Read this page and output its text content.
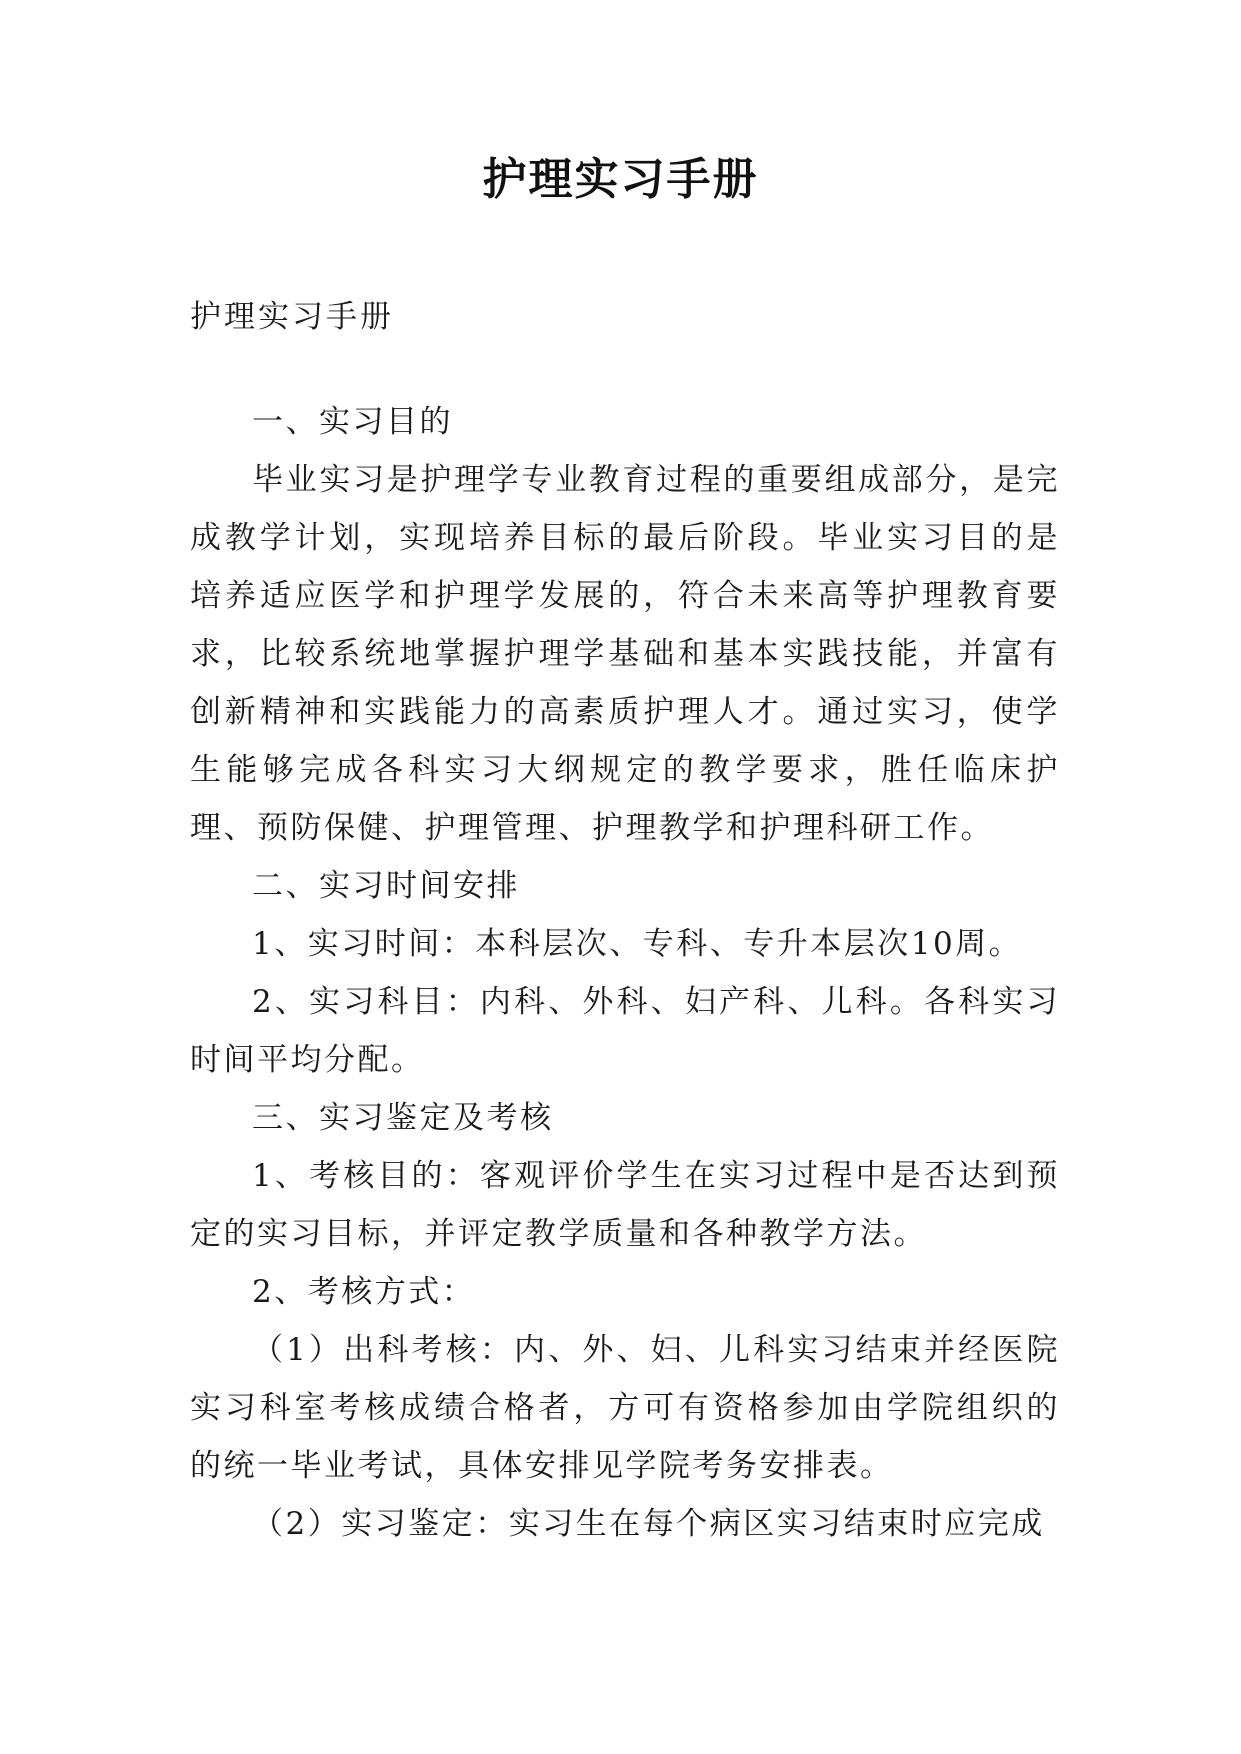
护理实习手册

护理实习手册

一、实习目的

毕业实习是护理学专业教育过程的重要组成部分，是完成教学计划，实现培养目标的最后阶段。毕业实习目的是培养适应医学和护理学发展的，符合未来高等护理教育要求，比较系统地掌握护理学基础和基本实践技能，并富有创新精神和实践能力的高素质护理人才。通过实习，使学生能够完成各科实习大纲规定的教学要求，胜任临床护理、预防保健、护理管理、护理教学和护理科研工作。

二、实习时间安排

1、实习时间：本科层次、专科、专升本层次10周。

2、实习科目：内科、外科、妇产科、儿科。各科实习时间平均分配。

三、实习鉴定及考核

1、考核目的：客观评价学生在实习过程中是否达到预定的实习目标，并评定教学质量和各种教学方法。

2、考核方式：

（1）出科考核：内、外、妇、儿科实习结束并经医院实习科室考核成绩合格者，方可有资格参加由学院组织的的统一毕业考试，具体安排见学院考务安排表。

（2）实习鉴定：实习生在每个病区实习结束时应完成
